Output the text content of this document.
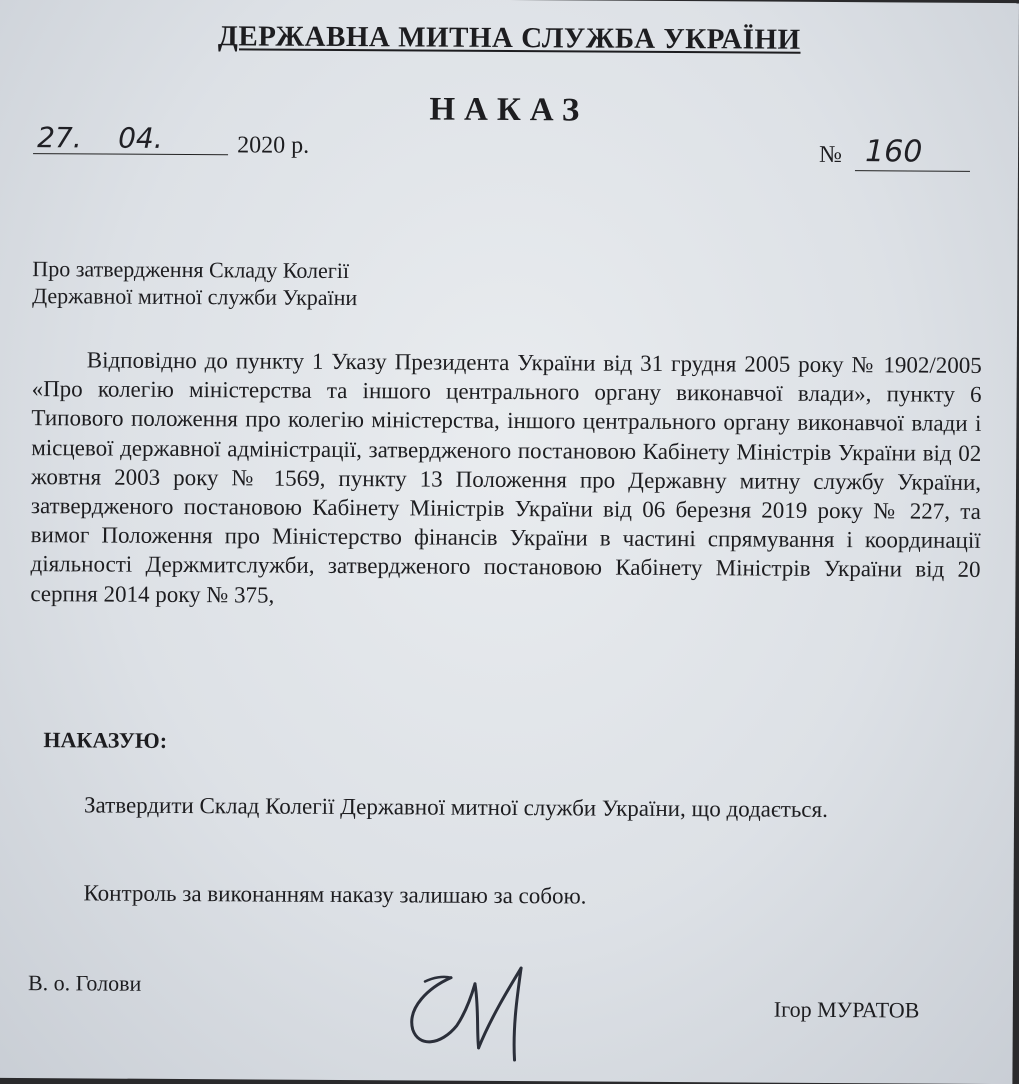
ДЕРЖАВНА МИТНА СЛУЖБА УКРАЇНИ
НАКАЗ
27. 04.	2020 р.	№ 160
Про затвердження Складу Колегії
Державної митної служби України

Відповідно до пункту 1 Указу Президента України від 31 грудня 2005 року № 1902/2005 «Про колегію міністерства та іншого центрального органу виконавчої влади», пункту 6 Типового положення про колегію міністерства, іншого центрального органу виконавчої влади і місцевої державної адміністрації, затвердженого постановою Кабінету Міністрів України від 02 жовтня 2003 року № 1569, пункту 13 Положення про Державну митну службу України, затвердженого постановою Кабінету Міністрів України від 06 березня 2019 року № 227, та вимог Положення про Міністерство фінансів України в частині спрямування і координації діяльності Держмитслужби, затвердженого постановою Кабінету Міністрів України від 20 серпня 2014 року № 375,

НАКАЗУЮ:

Затвердити Склад Колегії Державної митної служби України, що додається.

Контроль за виконанням наказу залишаю за собою.

В. о. Голови
Ігор МУРАТОВ
